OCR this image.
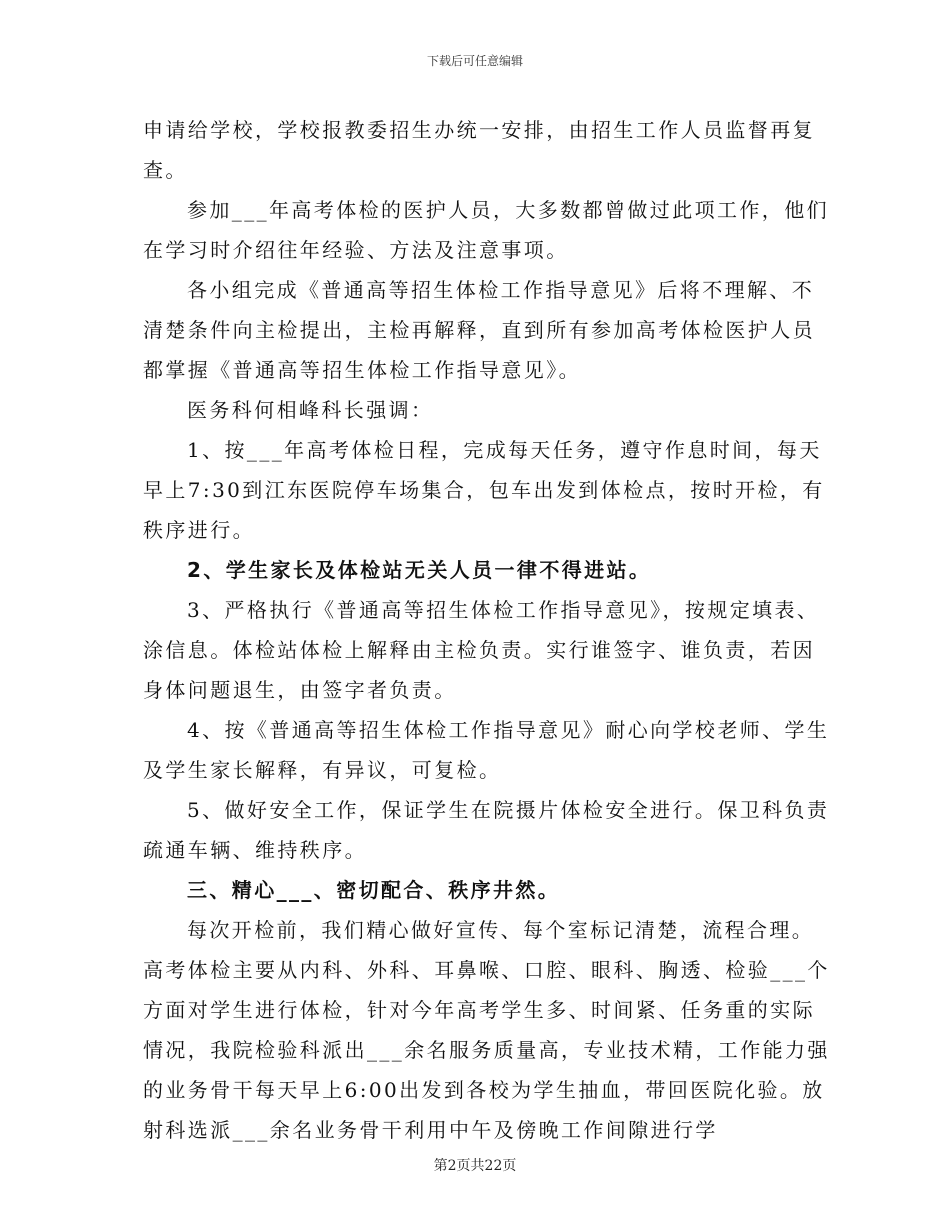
下载后可任意编辑
申请给学校，学校报教委招生办统一安排，由招生工作人员监督再复
查。
参加___年高考体检的医护人员，大多数都曾做过此项工作，他们
在学习时介绍往年经验、方法及注意事项。
各小组完成《普通高等招生体检工作指导意见》后将不理解、不
清楚条件向主检提出，主检再解释，直到所有参加高考体检医护人员
都掌握《普通高等招生体检工作指导意见》。
医务科何相峰科长强调：
1、按___年高考体检日程，完成每天任务，遵守作息时间，每天
早上7:30到江东医院停车场集合，包车出发到体检点，按时开检，有
秩序进行。
2、学生家长及体检站无关人员一律不得进站。
3、严格执行《普通高等招生体检工作指导意见》，按规定填表、
涂信息。体检站体检上解释由主检负责。实行谁签字、谁负责，若因
身体问题退生，由签字者负责。
4、按《普通高等招生体检工作指导意见》耐心向学校老师、学生
及学生家长解释，有异议，可复检。
5、做好安全工作，保证学生在院摄片体检安全进行。保卫科负责
疏通车辆、维持秩序。
三、精心___、密切配合、秩序井然。
每次开检前，我们精心做好宣传、每个室标记清楚，流程合理。
高考体检主要从内科、外科、耳鼻喉、口腔、眼科、胸透、检验___个
方面对学生进行体检，针对今年高考学生多、时间紧、任务重的实际
情况，我院检验科派出___余名服务质量高，专业技术精，工作能力强
的业务骨干每天早上6:00出发到各校为学生抽血，带回医院化验。放
射科选派___余名业务骨干利用中午及傍晚工作间隙进行学
第2页共22页
